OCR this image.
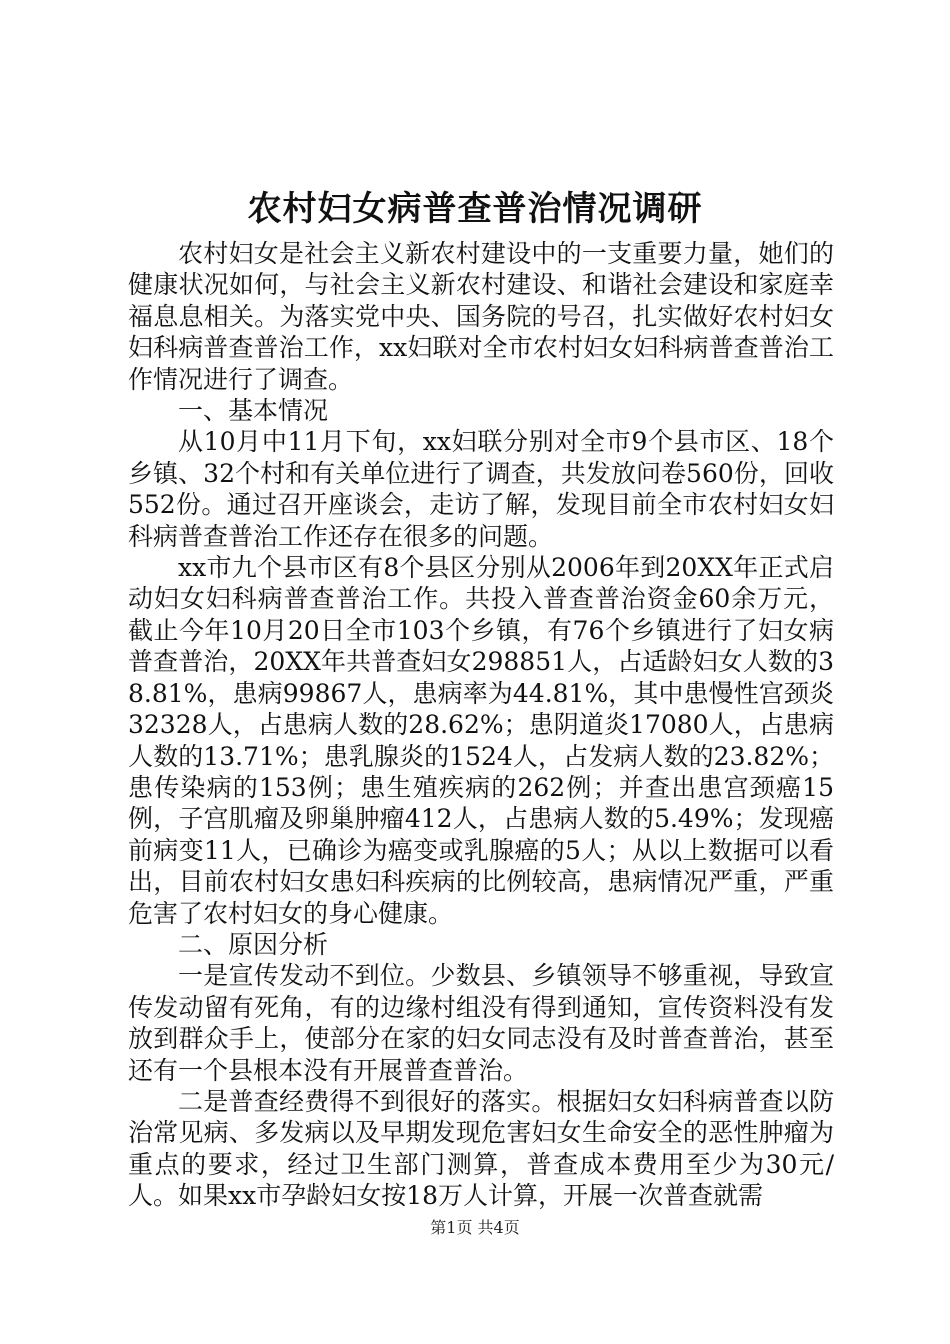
农村妇女病普查普治情况调研

农村妇女是社会主义新农村建设中的一支重要力量，她们的健康状况如何，与社会主义新农村建设、和谐社会建设和家庭幸福息息相关。为落实党中央、国务院的号召，扎实做好农村妇女妇科病普查普治工作，xx妇联对全市农村妇女妇科病普查普治工作情况进行了调查。

一、基本情况

从10月中11月下旬，xx妇联分别对全市9个县市区、18个乡镇、32个村和有关单位进行了调查，共发放问卷560份，回收552份。通过召开座谈会，走访了解，发现目前全市农村妇女妇科病普查普治工作还存在很多的问题。

xx市九个县市区有8个县区分别从2006年到20XX年正式启动妇女妇科病普查普治工作。共投入普查普治资金60余万元，截止今年10月20日全市103个乡镇，有76个乡镇进行了妇女病普查普治，20XX年共普查妇女298851人，占适龄妇女人数的38.81%，患病99867人，患病率为44.81%，其中患慢性宫颈炎32328人，占患病人数的28.62%；患阴道炎17080人，占患病人数的13.71%；患乳腺炎的1524人，占发病人数的23.82%；患传染病的153例；患生殖疾病的262例；并查出患宫颈癌15例，子宫肌瘤及卵巢肿瘤412人，占患病人数的5.49%；发现癌前病变11人，已确诊为癌变或乳腺癌的5人；从以上数据可以看出，目前农村妇女患妇科疾病的比例较高，患病情况严重，严重危害了农村妇女的身心健康。

二、原因分析

一是宣传发动不到位。少数县、乡镇领导不够重视，导致宣传发动留有死角，有的边缘村组没有得到通知，宣传资料没有发放到群众手上，使部分在家的妇女同志没有及时普查普治，甚至还有一个县根本没有开展普查普治。

二是普查经费得不到很好的落实。根据妇女妇科病普查以防治常见病、多发病以及早期发现危害妇女生命安全的恶性肿瘤为重点的要求，经过卫生部门测算，普查成本费用至少为30元/人。如果xx市孕龄妇女按18万人计算，开展一次普查就需

第1页 共4页
